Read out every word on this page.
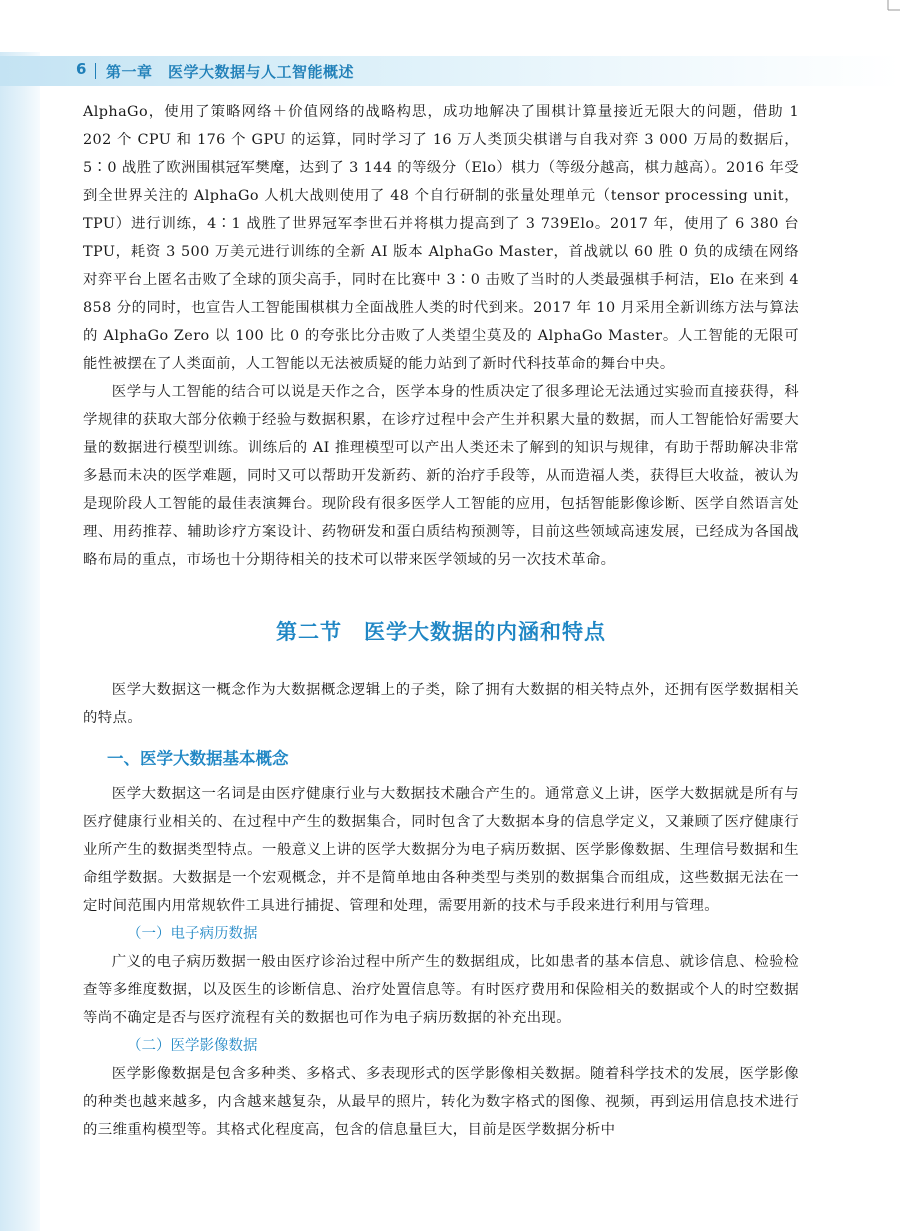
6 第一章　医学大数据与人工智能概述

AlphaGo，使用了策略网络＋价值网络的战略构思，成功地解决了围棋计算量接近无限大的问题，借助 1 202 个 CPU 和 176 个 GPU 的运算，同时学习了 16 万人类顶尖棋谱与自我对弈 3 000 万局的数据后，5∶0 战胜了欧洲围棋冠军樊麾，达到了 3 144 的等级分（Elo）棋力（等级分越高，棋力越高）。2016 年受到全世界关注的 AlphaGo 人机大战则使用了 48 个自行研制的张量处理单元（tensor processing unit，TPU）进行训练，4∶1 战胜了世界冠军李世石并将棋力提高到了 3 739Elo。2017 年，使用了 6 380 台 TPU，耗资 3 500 万美元进行训练的全新 AI 版本 AlphaGo Master，首战就以 60 胜 0 负的成绩在网络对弈平台上匿名击败了全球的顶尖高手，同时在比赛中 3∶0 击败了当时的人类最强棋手柯洁，Elo 在来到 4 858 分的同时，也宣告人工智能围棋棋力全面战胜人类的时代到来。2017 年 10 月采用全新训练方法与算法的 AlphaGo Zero 以 100 比 0 的夸张比分击败了人类望尘莫及的 AlphaGo Master。人工智能的无限可能性被摆在了人类面前，人工智能以无法被质疑的能力站到了新时代科技革命的舞台中央。

医学与人工智能的结合可以说是天作之合，医学本身的性质决定了很多理论无法通过实验而直接获得，科学规律的获取大部分依赖于经验与数据积累，在诊疗过程中会产生并积累大量的数据，而人工智能恰好需要大量的数据进行模型训练。训练后的 AI 推理模型可以产出人类还未了解到的知识与规律，有助于帮助解决非常多悬而未决的医学难题，同时又可以帮助开发新药、新的治疗手段等，从而造福人类，获得巨大收益，被认为是现阶段人工智能的最佳表演舞台。现阶段有很多医学人工智能的应用，包括智能影像诊断、医学自然语言处理、用药推荐、辅助诊疗方案设计、药物研发和蛋白质结构预测等，目前这些领域高速发展，已经成为各国战略布局的重点，市场也十分期待相关的技术可以带来医学领域的另一次技术革命。

第二节　医学大数据的内涵和特点

医学大数据这一概念作为大数据概念逻辑上的子类，除了拥有大数据的相关特点外，还拥有医学数据相关的特点。

一、医学大数据基本概念

医学大数据这一名词是由医疗健康行业与大数据技术融合产生的。通常意义上讲，医学大数据就是所有与医疗健康行业相关的、在过程中产生的数据集合，同时包含了大数据本身的信息学定义，又兼顾了医疗健康行业所产生的数据类型特点。一般意义上讲的医学大数据分为电子病历数据、医学影像数据、生理信号数据和生命组学数据。大数据是一个宏观概念，并不是简单地由各种类型与类别的数据集合而组成，这些数据无法在一定时间范围内用常规软件工具进行捕捉、管理和处理，需要用新的技术与手段来进行利用与管理。

（一）电子病历数据

广义的电子病历数据一般由医疗诊治过程中所产生的数据组成，比如患者的基本信息、就诊信息、检验检查等多维度数据，以及医生的诊断信息、治疗处置信息等。有时医疗费用和保险相关的数据或个人的时空数据等尚不确定是否与医疗流程有关的数据也可作为电子病历数据的补充出现。

（二）医学影像数据

医学影像数据是包含多种类、多格式、多表现形式的医学影像相关数据。随着科学技术的发展，医学影像的种类也越来越多，内含越来越复杂，从最早的照片，转化为数字格式的图像、视频，再到运用信息技术进行的三维重构模型等。其格式化程度高，包含的信息量巨大，目前是医学数据分析中
